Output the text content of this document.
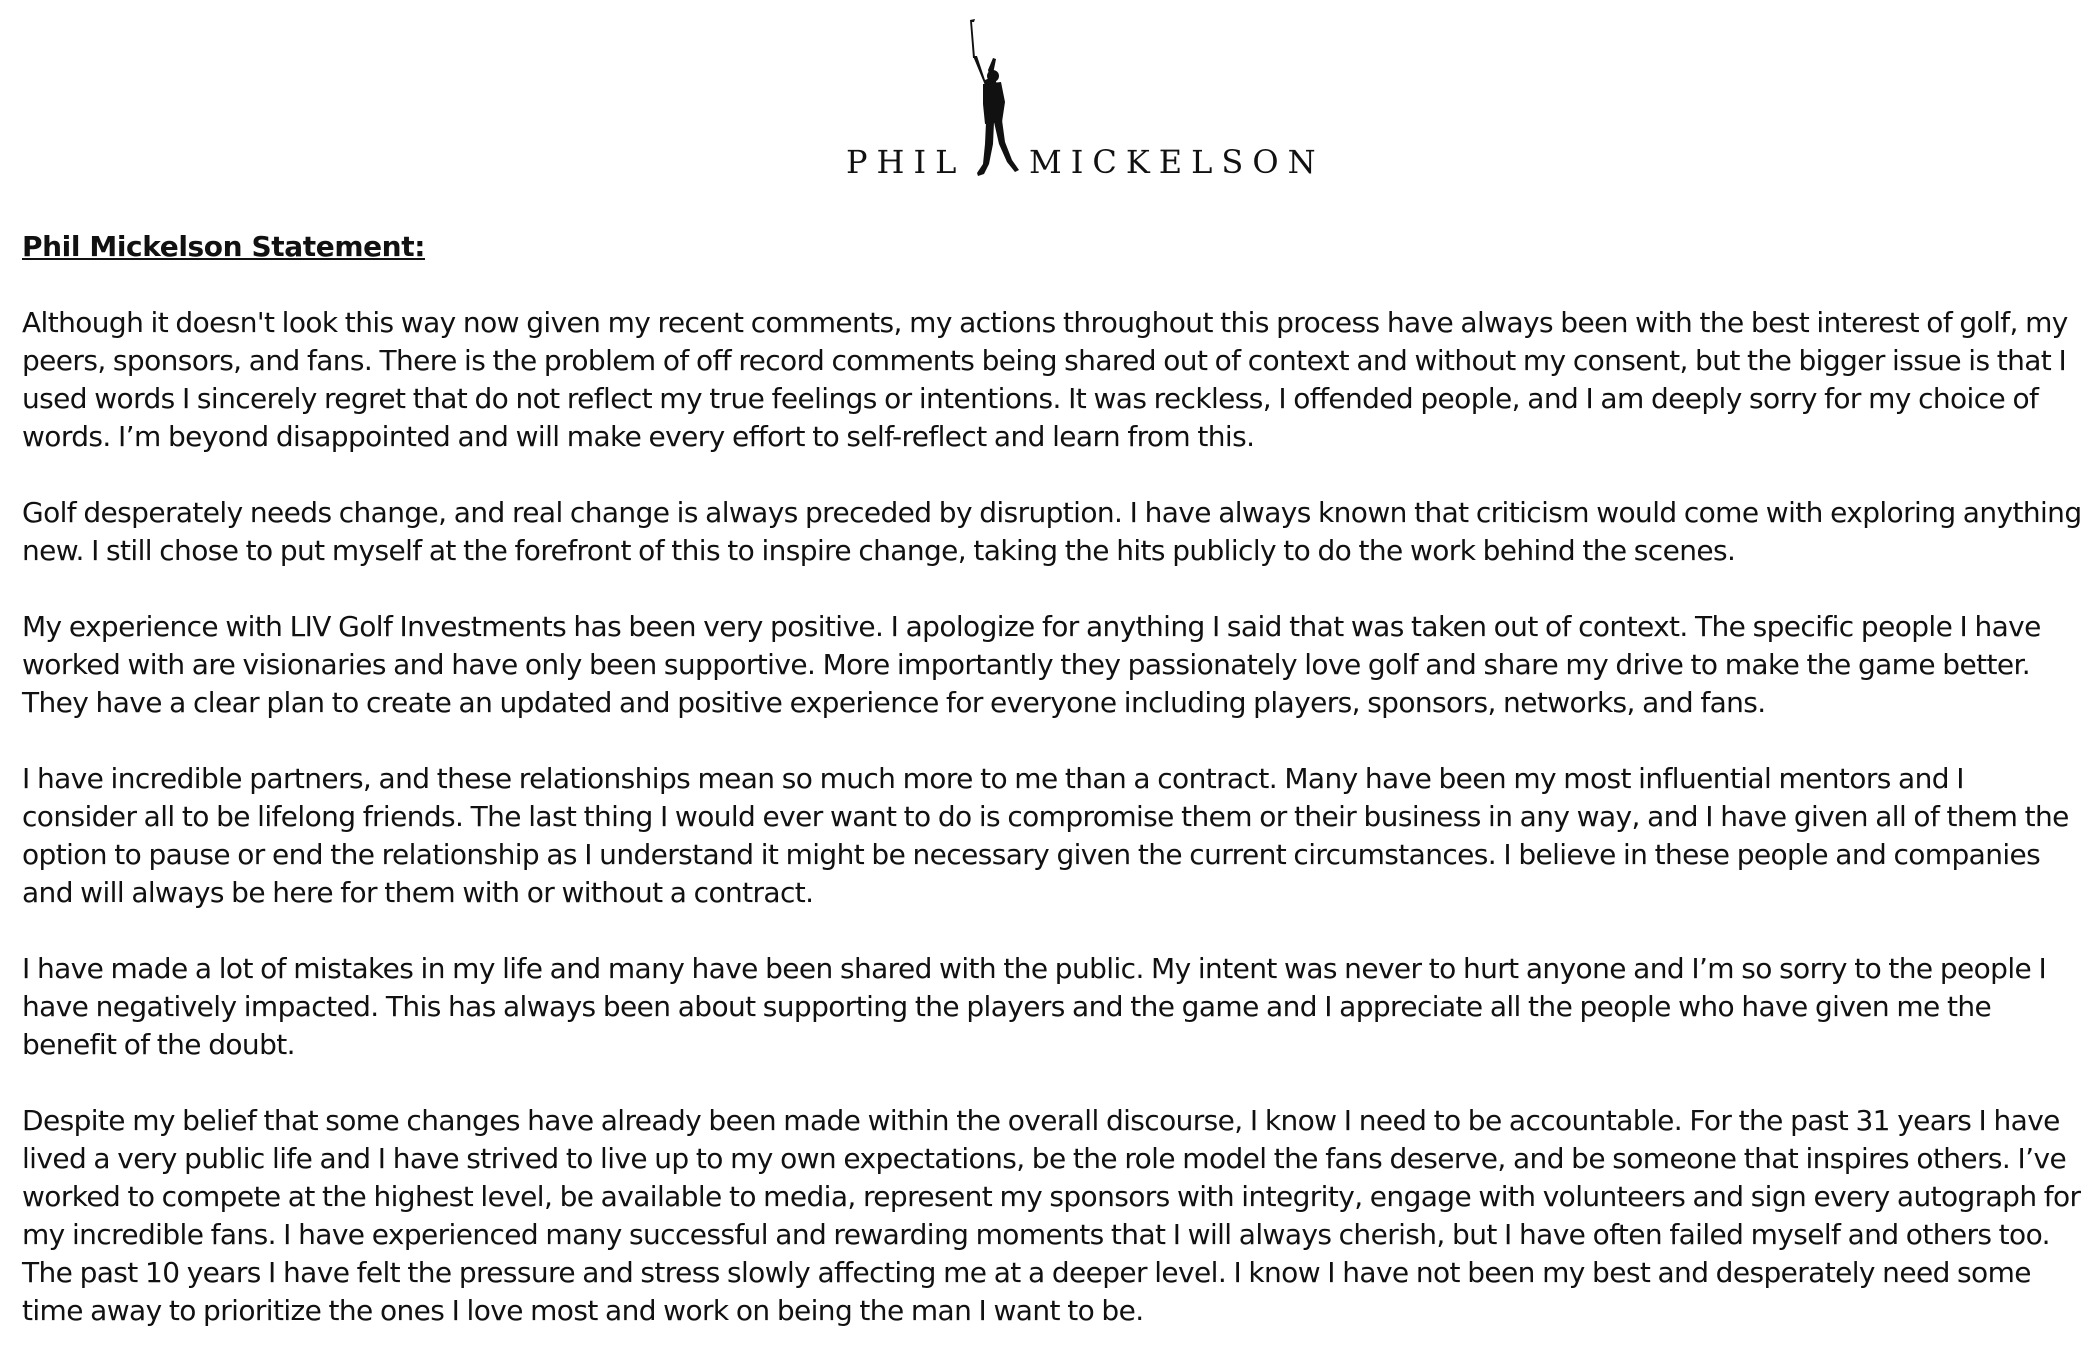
PHIL MICKELSON
Phil Mickelson Statement:

Although it doesn't look this way now given my recent comments, my actions throughout this process have always been with the best interest of golf, my peers, sponsors, and fans. There is the problem of off record comments being shared out of context and without my consent, but the bigger issue is that I used words I sincerely regret that do not reflect my true feelings or intentions. It was reckless, I offended people, and I am deeply sorry for my choice of words. I’m beyond disappointed and will make every effort to self-reflect and learn from this.

Golf desperately needs change, and real change is always preceded by disruption. I have always known that criticism would come with exploring anything new. I still chose to put myself at the forefront of this to inspire change, taking the hits publicly to do the work behind the scenes.

My experience with LIV Golf Investments has been very positive. I apologize for anything I said that was taken out of context. The specific people I have worked with are visionaries and have only been supportive. More importantly they passionately love golf and share my drive to make the game better. They have a clear plan to create an updated and positive experience for everyone including players, sponsors, networks, and fans.

I have incredible partners, and these relationships mean so much more to me than a contract. Many have been my most influential mentors and I consider all to be lifelong friends. The last thing I would ever want to do is compromise them or their business in any way, and I have given all of them the option to pause or end the relationship as I understand it might be necessary given the current circumstances. I believe in these people and companies and will always be here for them with or without a contract.

I have made a lot of mistakes in my life and many have been shared with the public. My intent was never to hurt anyone and I’m so sorry to the people I have negatively impacted. This has always been about supporting the players and the game and I appreciate all the people who have given me the benefit of the doubt.

Despite my belief that some changes have already been made within the overall discourse, I know I need to be accountable. For the past 31 years I have lived a very public life and I have strived to live up to my own expectations, be the role model the fans deserve, and be someone that inspires others. I’ve worked to compete at the highest level, be available to media, represent my sponsors with integrity, engage with volunteers and sign every autograph for my incredible fans. I have experienced many successful and rewarding moments that I will always cherish, but I have often failed myself and others too. The past 10 years I have felt the pressure and stress slowly affecting me at a deeper level. I know I have not been my best and desperately need some time away to prioritize the ones I love most and work on being the man I want to be.
